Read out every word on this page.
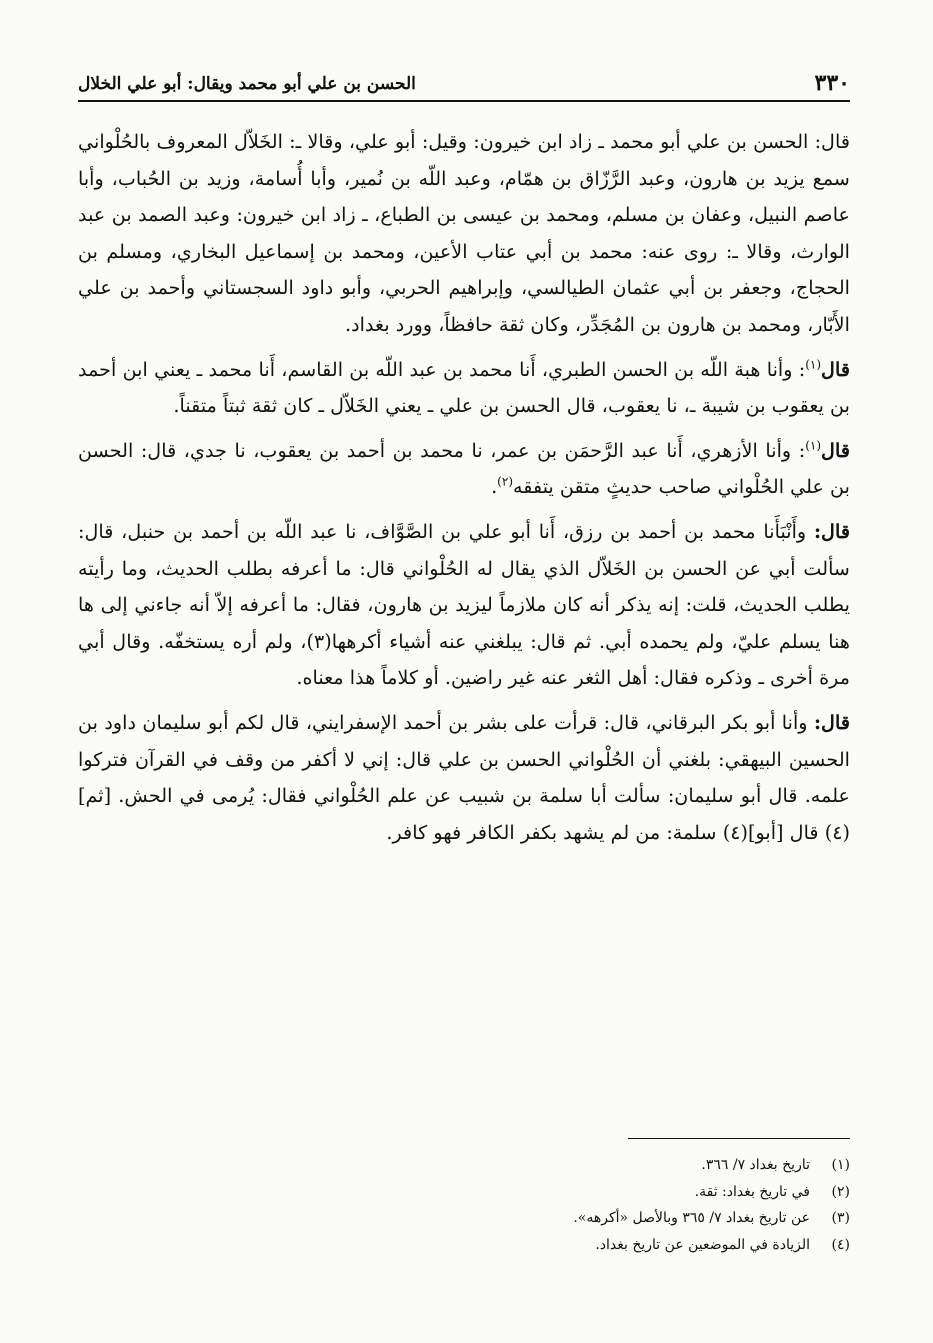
٣٣٠
الحسن بن علي أبو محمد ويقال: أبو علي الخلال

قال: الحسن بن علي أبو محمد ـ زاد ابن خيرون: وقيل: أبو علي، وقالا ـ: الخَلاّل المعروف بالحُلْواني سمع يزيد بن هارون، وعبد الرَّزّاق بن همّام، وعبد اللّه بن نُمير، وأبا أُسامة، وزيد بن الحُباب، وأبا عاصم النبيل، وعفان بن مسلم، ومحمد بن عيسى بن الطباع، ـ زاد ابن خيرون: وعبد الصمد بن عبد الوارث، وقالا ـ: روى عنه: محمد بن أبي عتاب الأعين، ومحمد بن إسماعيل البخاري، ومسلم بن الحجاج، وجعفر بن أبي عثمان الطيالسي، وإبراهيم الحربي، وأبو داود السجستاني وأحمد بن علي الأَبّار، ومحمد بن هارون بن المُجَدِّر، وكان ثقة حافظاً، وورد بغداد.

قال$^{(١)}$: وأنا هبة اللّه بن الحسن الطبري، أَنا محمد بن عبد اللّه بن القاسم، أَنا محمد ـ يعني ابن أحمد بن يعقوب بن شيبة ـ، نا يعقوب، قال الحسن بن علي ـ يعني الخَلاّل ـ كان ثقة ثبتاً متقناً.

قال$^{(١)}$: وأنا الأزهري، أَنا عبد الرَّحمَن بن عمر، نا محمد بن أحمد بن يعقوب، نا جدي، قال: الحسن بن علي الحُلْواني صاحب حديثٍ متقن يتفقه$^{(٢)}$.

قال: وأَنْبَأَنا محمد بن أحمد بن رزق، أَنا أبو علي بن الصَّوَّاف، نا عبد اللّه بن أحمد بن حنبل، قال: سألت أبي عن الحسن بن الخَلاّل الذي يقال له الحُلْواني قال: ما أعرفه بطلب الحديث، وما رأيته يطلب الحديث، قلت: إنه يذكر أنه كان ملازماً ليزيد بن هارون، فقال: ما أعرفه إلاّ أنه جاءني إلى ها هنا يسلم عليّ، ولم يحمده أبي. ثم قال: يبلغني عنه أشياء أكرهها(٣)، ولم أره يستخفّه. وقال أبي مرة أخرى ـ وذكره فقال: أهل الثغر عنه غير راضين. أو كلاماً هذا معناه.

قال: وأنا أبو بكر البرقاني، قال: قرأت على بشر بن أحمد الإسفرايني، قال لكم أبو سليمان داود بن الحسين البيهقي: بلغني أن الحُلْواني الحسن بن علي قال: إني لا أكفر من وقف في القرآن فتركوا علمه. قال أبو سليمان: سألت أبا سلمة بن شبيب عن علم الحُلْواني فقال: يُرمى في الحش. [ثم](٤) قال [أبو](٤) سلمة: من لم يشهد بكفر الكافر فهو كافر.

(١)
تاريخ بغداد ٧/ ٣٦٦.
(٢)
في تاريخ بغداد: ثقة.
(٣)
عن تاريخ بغداد ٧/ ٣٦٥ وبالأصل «أكرهه».
(٤)
الزيادة في الموضعين عن تاريخ بغداد.
